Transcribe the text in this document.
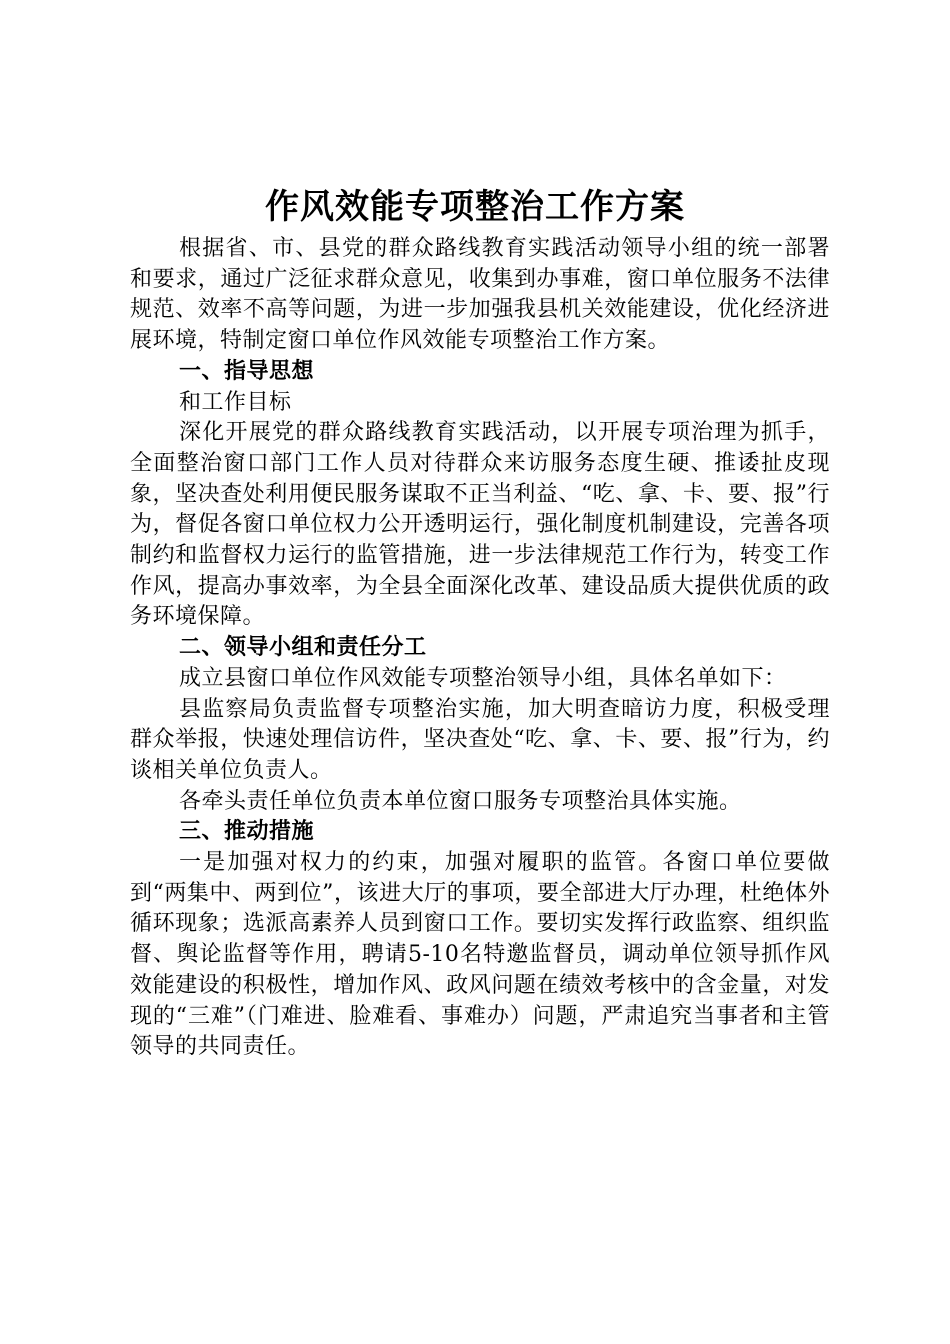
作风效能专项整治工作方案

根据省、市、县党的群众路线教育实践活动领导小组的统一部署和要求，通过广泛征求群众意见，收集到办事难，窗口单位服务不法律规范、效率不高等问题，为进一步加强我县机关效能建设，优化经济进展环境，特制定窗口单位作风效能专项整治工作方案。

一、指导思想

和工作目标

深化开展党的群众路线教育实践活动，以开展专项治理为抓手，全面整治窗口部门工作人员对待群众来访服务态度生硬、推诿扯皮现象，坚决查处利用便民服务谋取不正当利益、“吃、拿、卡、要、报”行为，督促各窗口单位权力公开透明运行，强化制度机制建设，完善各项制约和监督权力运行的监管措施，进一步法律规范工作行为，转变工作作风，提高办事效率，为全县全面深化改革、建设品质大提供优质的政务环境保障。

二、领导小组和责任分工

成立县窗口单位作风效能专项整治领导小组，具体名单如下：

县监察局负责监督专项整治实施，加大明查暗访力度，积极受理群众举报，快速处理信访件，坚决查处“吃、拿、卡、要、报”行为，约谈相关单位负责人。

各牵头责任单位负责本单位窗口服务专项整治具体实施。

三、推动措施

一是加强对权力的约束，加强对履职的监管。各窗口单位要做到“两集中、两到位”，该进大厅的事项，要全部进大厅办理，杜绝体外循环现象；选派高素养人员到窗口工作。要切实发挥行政监察、组织监督、舆论监督等作用，聘请5-10名特邀监督员，调动单位领导抓作风效能建设的积极性，增加作风、政风问题在绩效考核中的含金量，对发现的“三难”（门难进、脸难看、事难办）问题，严肃追究当事者和主管领导的共同责任。
